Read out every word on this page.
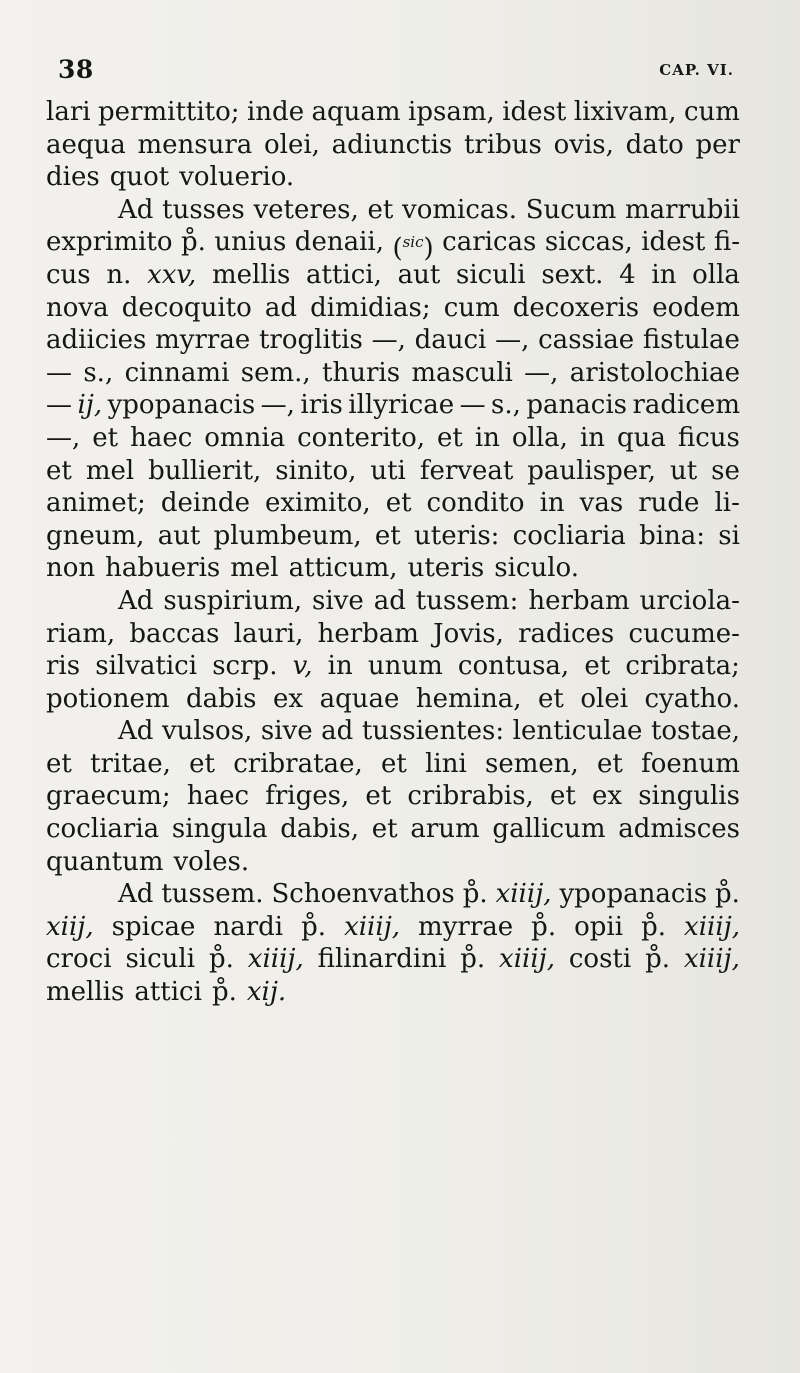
38	CAP. VI.
lari permittito; inde aquam ipsam, idest lixivam, cum
aequa mensura olei, adiunctis tribus ovis, dato per
dies quot voluerio.
Ad tusses veteres, et vomicas. Sucum marrubii
exprimito p̊. unius denaii, ($^{sic}$) caricas siccas, idest fi-
cus n. xxv, mellis attici, aut siculi sext. 4 in olla
nova decoquito ad dimidias; cum decoxeris eodem
adiicies myrrae troglitis —, dauci —, cassiae fistulae
— s., cinnami sem., thuris masculi —, aristolochiae
— ij, ypopanacis —, iris illyricae — s., panacis radicem
—, et haec omnia conterito, et in olla, in qua ficus
et mel bullierit, sinito, uti ferveat paulisper, ut se
animet; deinde eximito, et condito in vas rude li-
gneum, aut plumbeum, et uteris: cocliaria bina: si
non habueris mel atticum, uteris siculo.
Ad suspirium, sive ad tussem: herbam urciola-
riam, baccas lauri, herbam Jovis, radices cucume-
ris silvatici scrp. v, in unum contusa, et cribrata;
potionem dabis ex aquae hemina, et olei cyatho.
Ad vulsos, sive ad tussientes: lenticulae tostae,
et tritae, et cribratae, et lini semen, et foenum
graecum; haec friges, et cribrabis, et ex singulis
cocliaria singula dabis, et arum gallicum admisces
quantum voles.
Ad tussem. Schoenvathos p̊. xiiij, ypopanacis p̊.
xiij, spicae nardi p̊. xiiij, myrrae p̊. opii p̊. xiiij,
croci siculi p̊. xiiij, filinardini p̊. xiiij, costi p̊. xiiij,
mellis attici p̊. xij.
